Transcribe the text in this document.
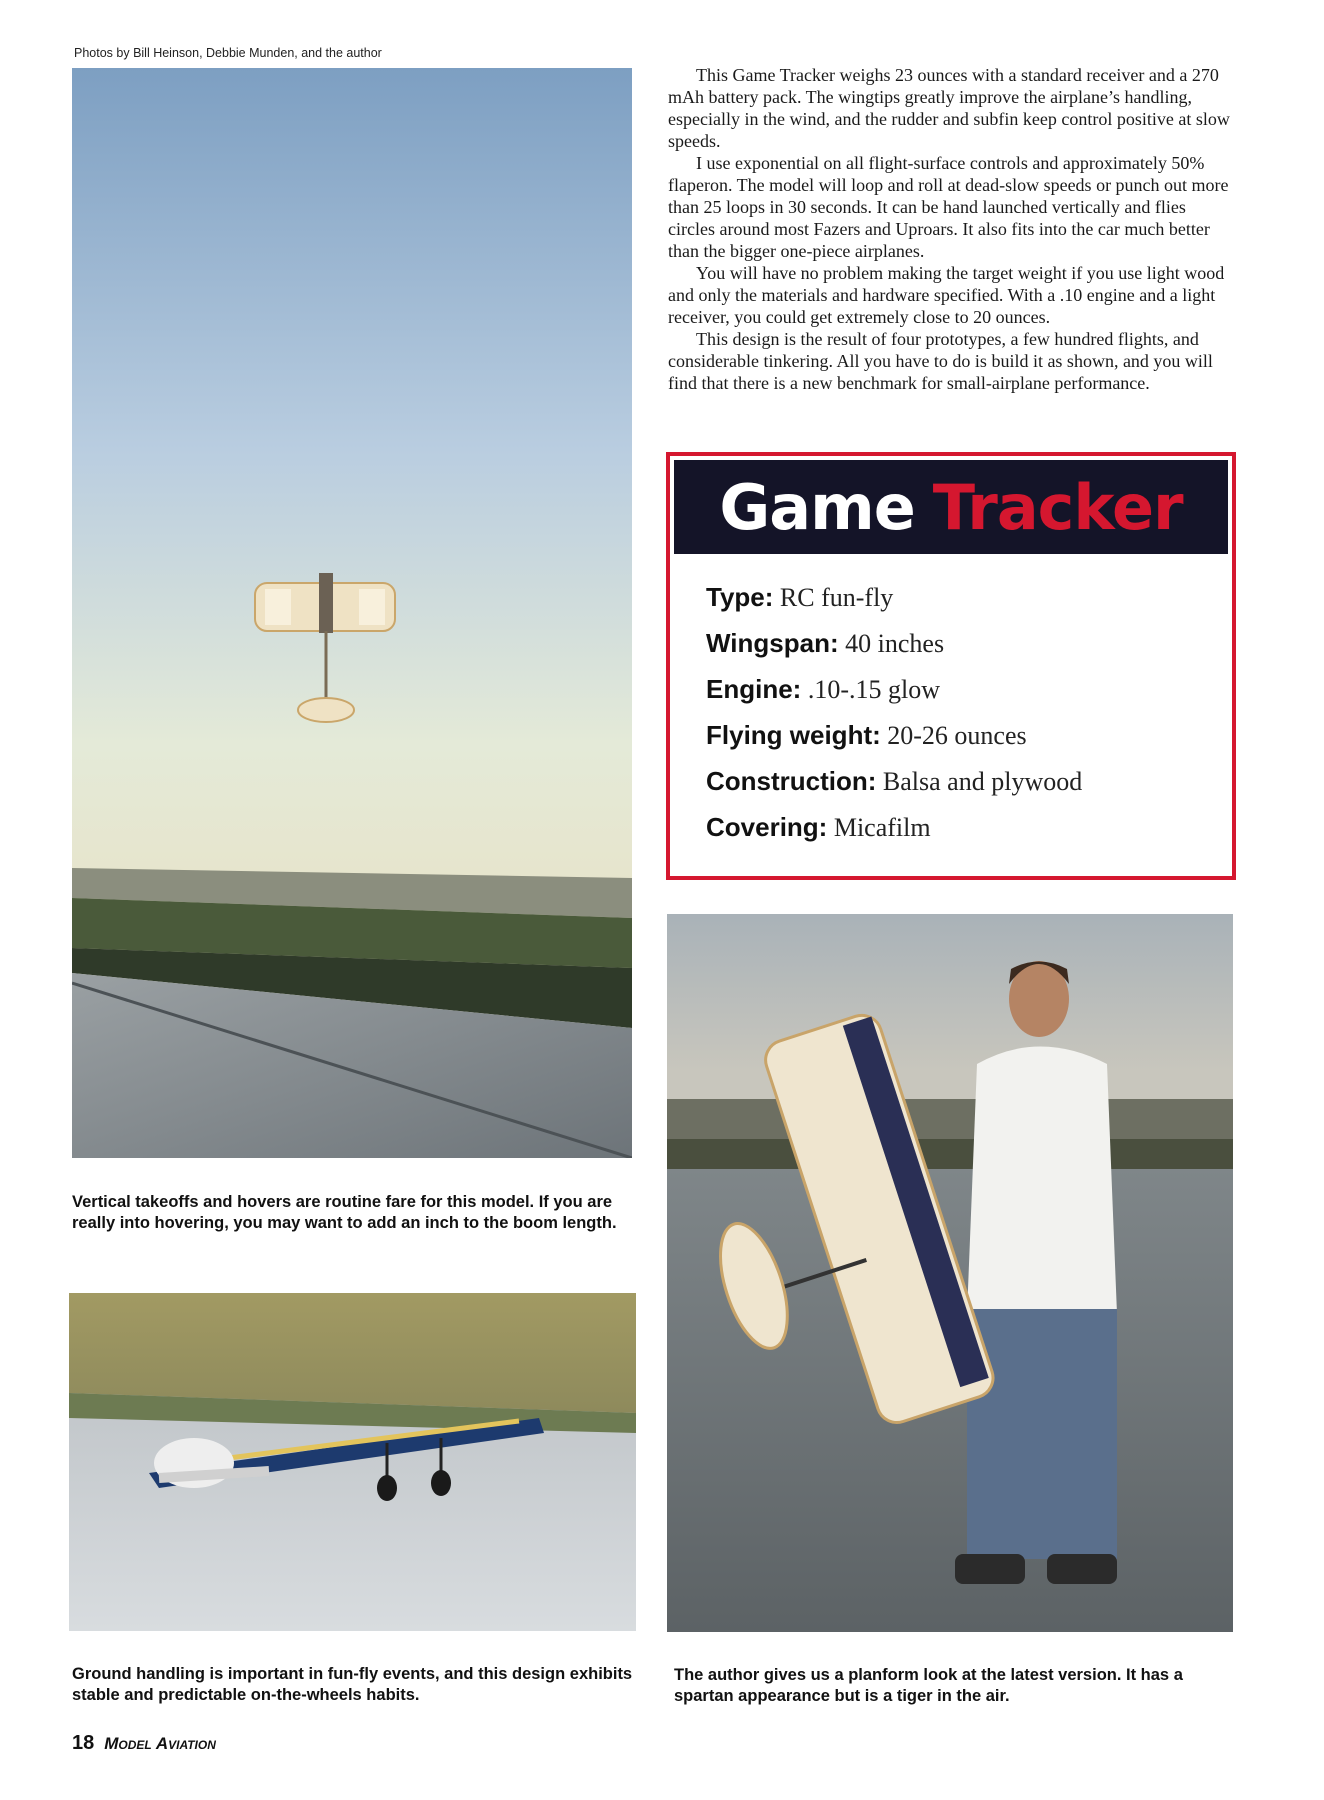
Photos by Bill Heinson, Debbie Munden, and the author

This Game Tracker weighs 23 ounces with a standard receiver and a 270 mAh battery pack. The wingtips greatly improve the airplane’s handling, especially in the wind, and the rudder and subfin keep control positive at slow speeds.

I use exponential on all flight-surface controls and approximately 50% flaperon. The model will loop and roll at dead-slow speeds or punch out more than 25 loops in 30 seconds. It can be hand launched vertically and flies circles around most Fazers and Uproars. It also fits into the car much better than the bigger one-piece airplanes.

You will have no problem making the target weight if you use light wood and only the materials and hardware specified. With a .10 engine and a light receiver, you could get extremely close to 20 ounces.

This design is the result of four prototypes, a few hundred flights, and considerable tinkering. All you have to do is build it as shown, and you will find that there is a new benchmark for small-airplane performance.

Game Tracker
Type: RC fun-fly
Wingspan: 40 inches
Engine: .10-.15 glow
Flying weight: 20-26 ounces
Construction: Balsa and plywood
Covering: Micafilm
Vertical takeoffs and hovers are routine fare for this model. If you are really into hovering, you may want to add an inch to the boom length.
Ground handling is important in fun-fly events, and this design exhibits stable and predictable on-the-wheels habits.
The author gives us a planform look at the latest version. It has a spartan appearance but is a tiger in the air.
18 Model Aviation
